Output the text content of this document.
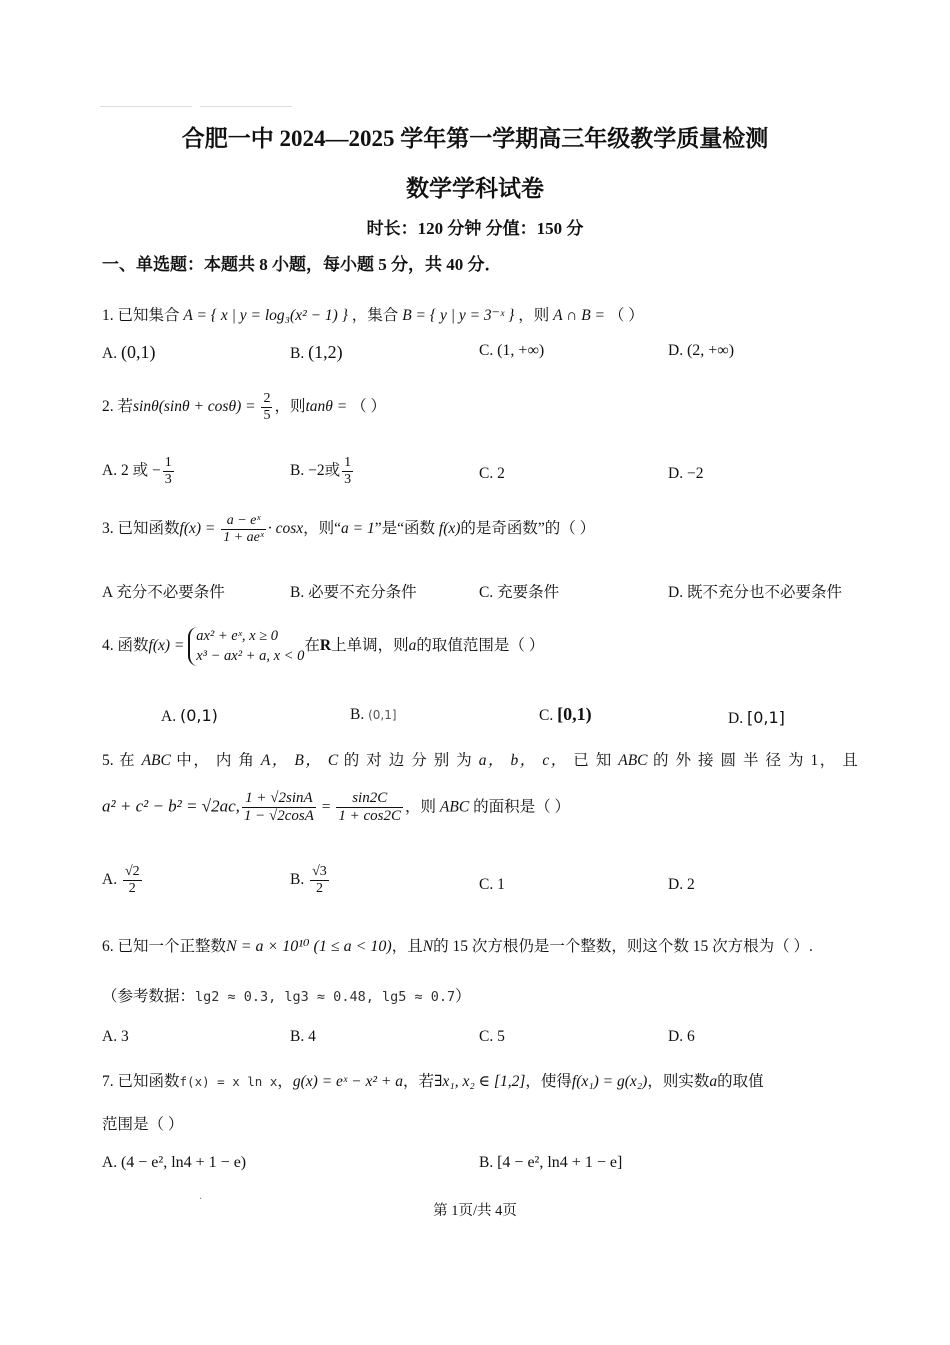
合肥一中 2024—2025 学年第一学期高三年级教学质量检测
数学学科试卷
时长：120 分钟 分值：150 分
一、单选题：本题共 8 小题，每小题 5 分，共 40 分．
1. 已知集合 A = { x | y = log₃(x² − 1) } ，集合 B = { y | y = 3⁻ˣ } ，则 A ∩ B = （ ）
A. (0,1)	B. (1,2)	C. (1, +∞)	D. (2, +∞)
2. 若$\sin\theta(\sin\theta + \cos\theta) = \frac{2}{5}$ ，则tanθ = （ ）
A. 2 或 − $\frac{1}{3}$	B. −2或 $\frac{1}{3}$	C. 2	D. −2
3. 已知函数$f(x) = \frac{\text{a − eˣ}}{\text{1 + aeˣ}} \cdot \cos x$，则“a = 1”是“函数 f(x)的是奇函数”的（ ）
A 充分不必要条件	B. 必要不充分条件	C. 充要条件	D. 既不充分也不必要条件
4. 函数f(x) =
ax² + eˣ, x ≥ 0
x³ − ax² + a, x < 0
在R上单调，则a的取值范围是（ ）
A. (0,1)	B. (0,1]	C. [0,1)	D. [0,1]
5. 在 ABC 中， 内 角 A， B， C 的 对 边 分 别 为 a， b， c， 已 知 ABC 的 外 接 圆 半 径 为 1， 且
a² + c² − b² = √2ac, $\frac{1 + √2\sin A}{1 - √2\cos A} = \frac{\sin 2C}{1 + \cos 2C}$ ，则 ABC 的面积是（ ）
A. $\frac{√2}{2}$	B. $\frac{√3}{2}$	C. 1	D. 2
6. 已知一个正整数N = a × 10¹⁰ (1 ≤ a < 10)，且N的 15 次方根仍是一个整数，则这个数 15 次方根为（ ）.
（参考数据：lg2 ≈ 0.3, lg3 ≈ 0.48, lg5 ≈ 0.7）
A. 3	B. 4	C. 5	D. 6
7. 已知函数f(x) = x ln x，g(x) = eˣ − x² + a，若∃x₁, x₂ ∈ [1,2]，使得f(x₁) = g(x₂)，则实数a的取值
范围是（ ）
A. (4 − e², ln4 + 1 − e)	B. [4 − e², ln4 + 1 − e]
·
第 1页/共 4页
